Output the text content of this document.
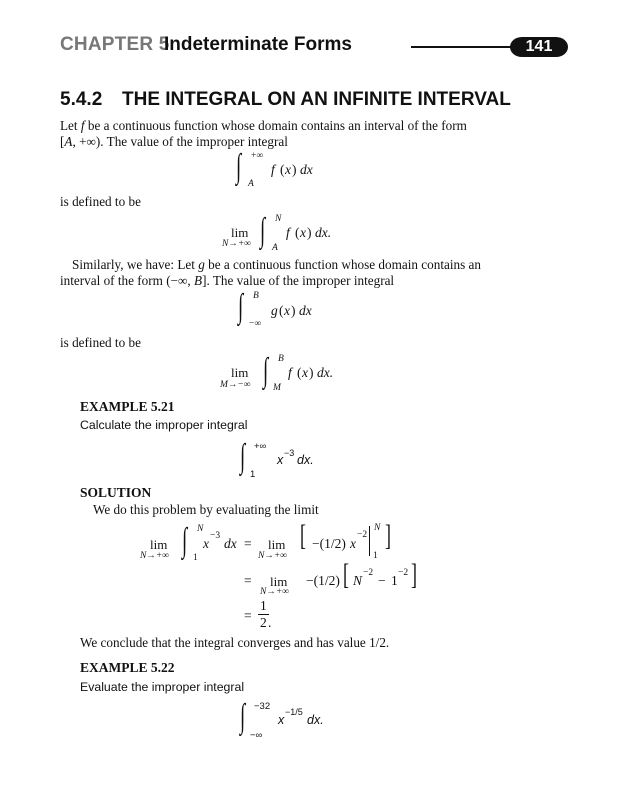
CHAPTER 5
Indeterminate Forms	141
5.4.2 THE INTEGRAL ON AN INFINITE INTERVAL
Let f be a continuous function whose domain contains an interval of the form
[A, +∞). The value of the improper integral
∫ +∞
A
f ( x ) dx
is defined to be
lim
N→+∞ ∫ N
A
f ( x ) dx.
Similarly, we have: Let g be a continuous function whose domain contains an
interval of the form (−∞, B]. The value of the improper integral
∫ B
−∞
g ( x ) dx
is defined to be
lim
M→−∞ ∫ B
M
f ( x ) dx.
EXAMPLE 5.21
Calculate the improper integral
∫ +∞
1
x −3 dx.
SOLUTION
We do this problem by evaluating the limit
lim
N→+∞ ∫ N
1
x −3 dx = lim
N→+∞
[ −(1/2) x
−2
N
1
]
= lim
N→+∞
−(1/2) [ N −2 − 1 −2 ]
=
1
2 .
We conclude that the integral converges and has value 1/2.
EXAMPLE 5.22
Evaluate the improper integral
∫ −32
−∞
x
−1/5
dx.
